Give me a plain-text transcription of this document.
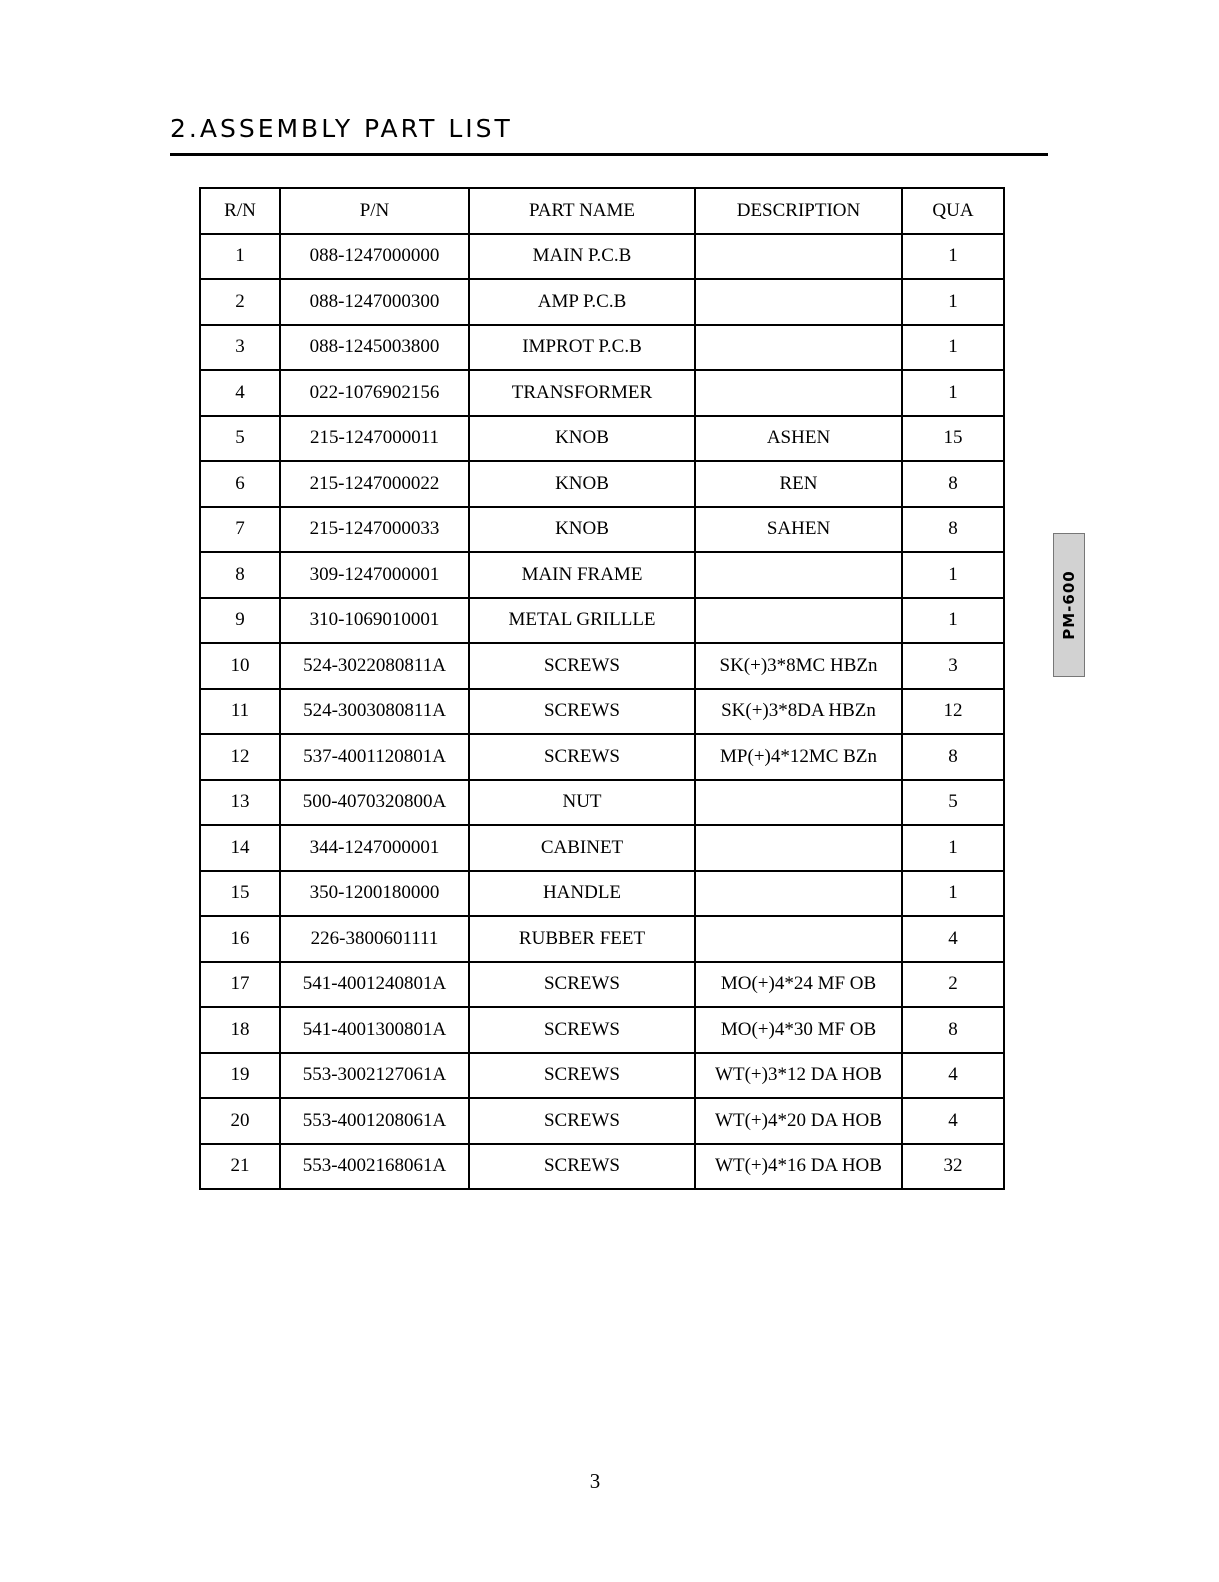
2.ASSEMBLY PART LIST
R/N	P/N	PART NAME	DESCRIPTION	QUA
1	088-1247000000	MAIN P.C.B		1
2	088-1247000300	AMP P.C.B		1
3	088-1245003800	IMPROT P.C.B		1
4	022-1076902156	TRANSFORMER		1
5	215-1247000011	KNOB	ASHEN	15
6	215-1247000022	KNOB	REN	8
7	215-1247000033	KNOB	SAHEN	8
8	309-1247000001	MAIN FRAME		1
9	310-1069010001	METAL GRILLLE		1
10	524-3022080811A	SCREWS	SK(+)3*8MC HBZn	3
11	524-3003080811A	SCREWS	SK(+)3*8DA HBZn	12
12	537-4001120801A	SCREWS	MP(+)4*12MC BZn	8
13	500-4070320800A	NUT		5
14	344-1247000001	CABINET		1
15	350-1200180000	HANDLE		1
16	226-3800601111	RUBBER FEET		4
17	541-4001240801A	SCREWS	MO(+)4*24 MF OB	2
18	541-4001300801A	SCREWS	MO(+)4*30 MF OB	8
19	553-3002127061A	SCREWS	WT(+)3*12 DA HOB	4
20	553-4001208061A	SCREWS	WT(+)4*20 DA HOB	4
21	553-4002168061A	SCREWS	WT(+)4*16 DA HOB	32
PM-600
3
